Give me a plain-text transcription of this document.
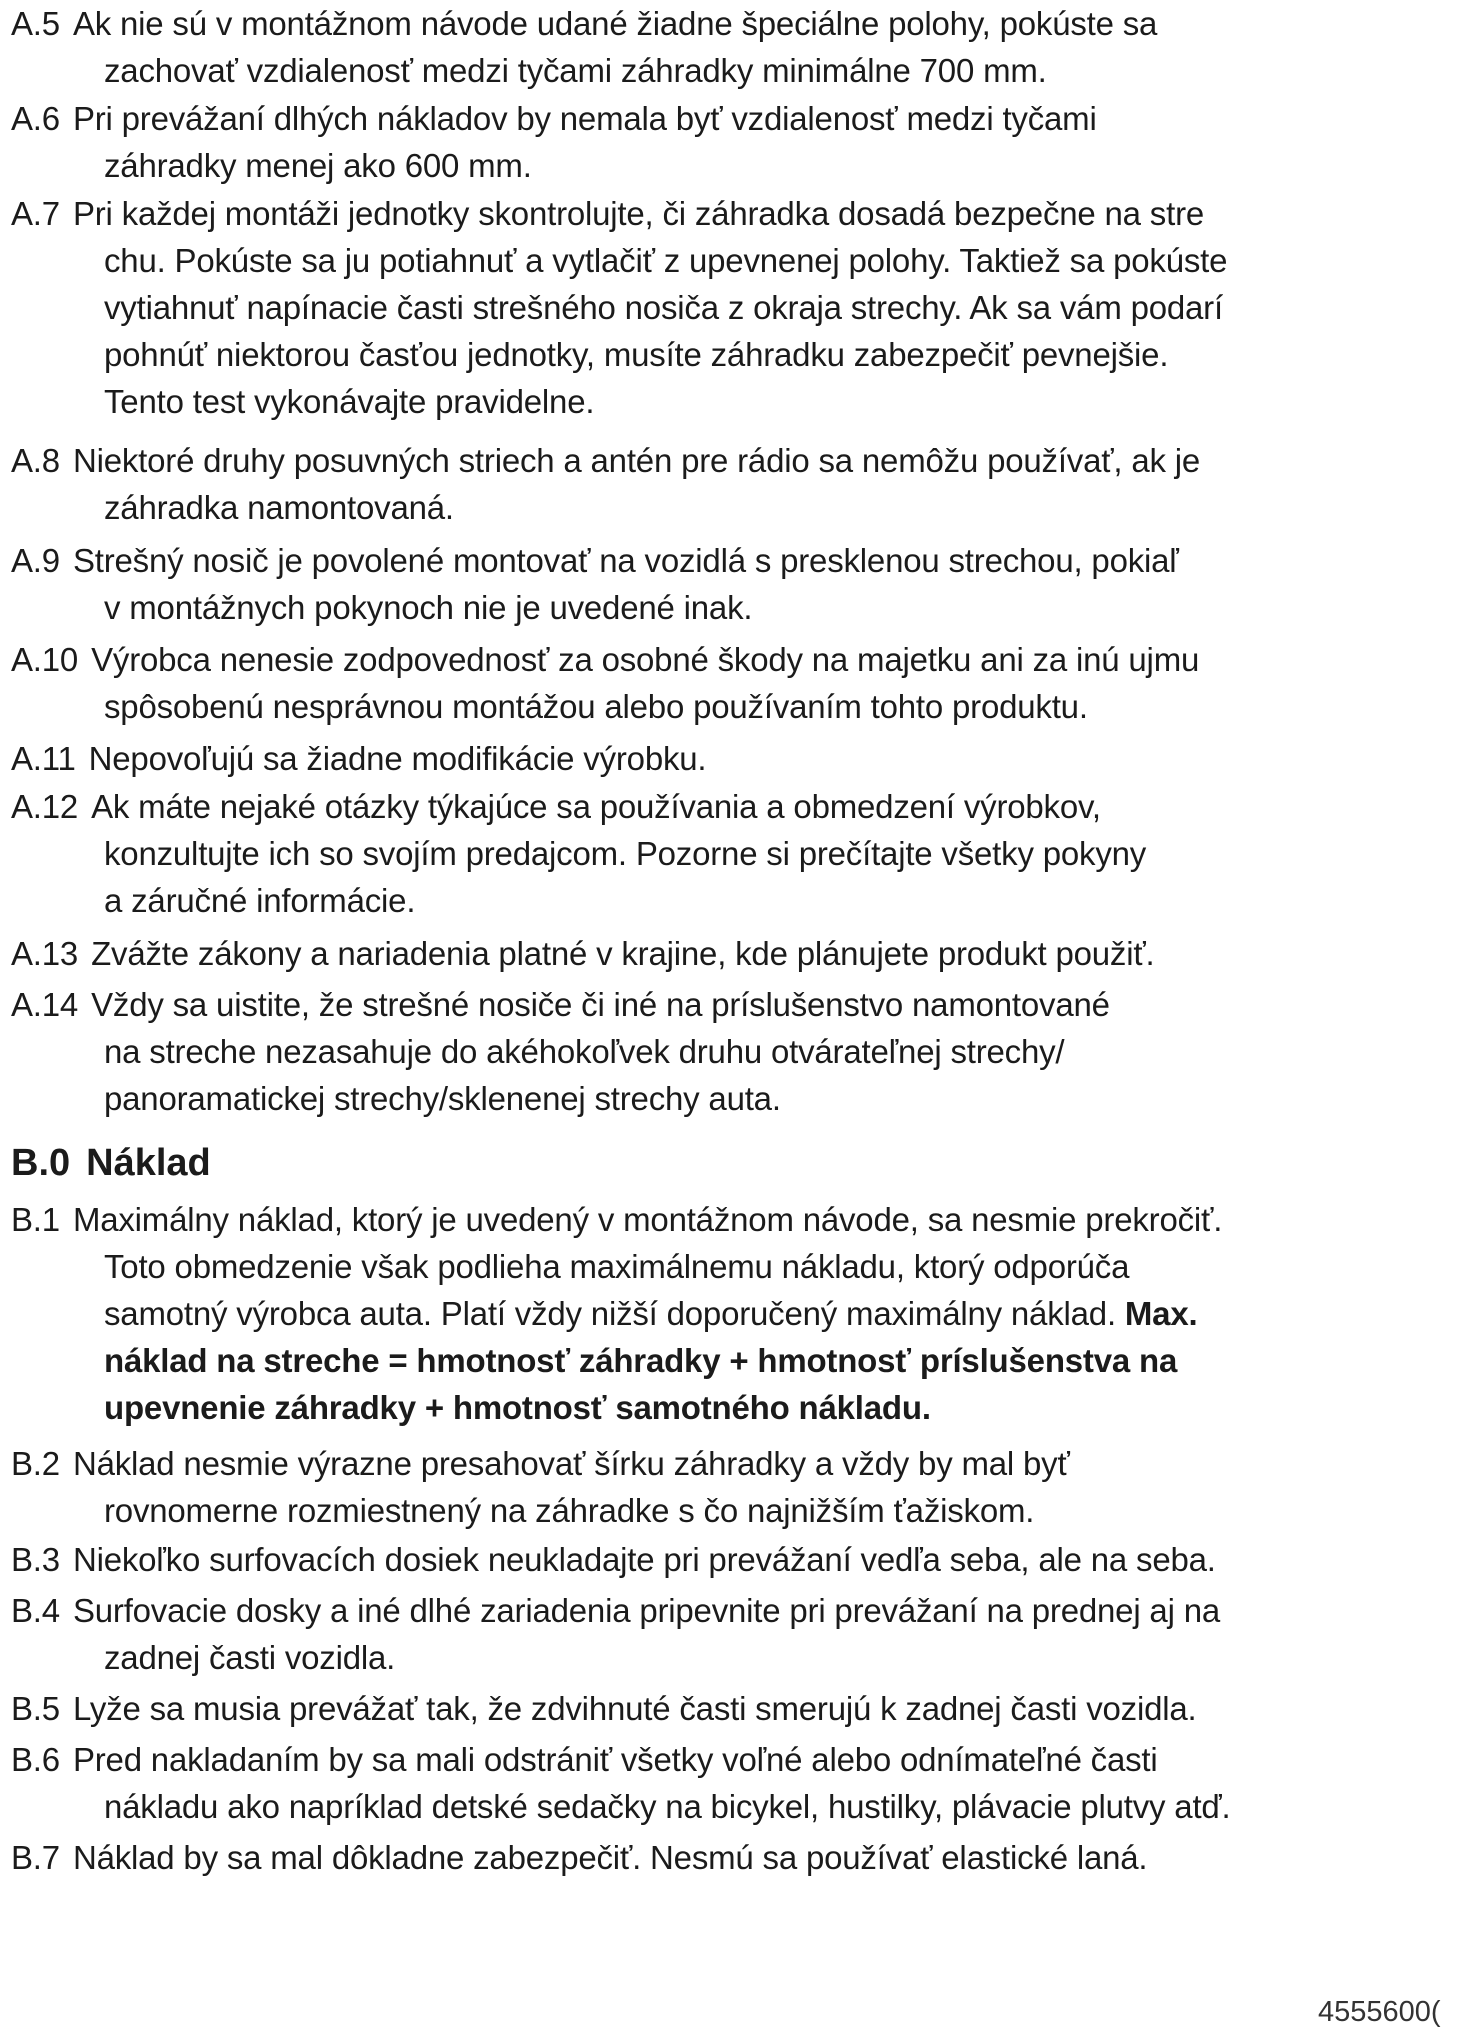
A.5 Ak nie sú v montážnom návode udané žiadne špeciálne polohy, pokúste sa
zachovať vzdialenosť medzi tyčami záhradky minimálne 700 mm.
A.6 Pri prevážaní dlhých nákladov by nemala byť vzdialenosť medzi tyčami
záhradky menej ako 600 mm.
A.7 Pri každej montáži jednotky skontrolujte, či záhradka dosadá bezpečne na stre
chu. Pokúste sa ju potiahnuť a vytlačiť z upevnenej polohy. Taktiež sa pokúste
vytiahnuť napínacie časti strešného nosiča z okraja strechy. Ak sa vám podarí
pohnúť niektorou časťou jednotky, musíte záhradku zabezpečiť pevnejšie.
Tento test vykonávajte pravidelne.
A.8 Niektoré druhy posuvných striech a antén pre rádio sa nemôžu používať, ak je
záhradka namontovaná.
A.9 Strešný nosič je povolené montovať na vozidlá s presklenou strechou, pokiaľ
v montážnych pokynoch nie je uvedené inak.
A.10 Výrobca nenesie zodpovednosť za osobné škody na majetku ani za inú ujmu
spôsobenú nesprávnou montážou alebo používaním tohto produktu.
A.11 Nepovoľujú sa žiadne modifikácie výrobku.
A.12 Ak máte nejaké otázky týkajúce sa používania a obmedzení výrobkov,
konzultujte ich so svojím predajcom. Pozorne si prečítajte všetky pokyny
a záručné informácie.
A.13 Zvážte zákony a nariadenia platné v krajine, kde plánujete produkt použiť.
A.14 Vždy sa uistite, že strešné nosiče či iné na príslušenstvo namontované
na streche nezasahuje do akéhokoľvek druhu otvárateľnej strechy/
panoramatickej strechy/sklenenej strechy auta.
B.0 Náklad
B.1 Maximálny náklad, ktorý je uvedený v montážnom návode, sa nesmie prekročiť.
Toto obmedzenie však podlieha maximálnemu nákladu, ktorý odporúča
samotný výrobca auta. Platí vždy nižší doporučený maximálny náklad. Max.
náklad na streche = hmotnosť záhradky + hmotnosť príslušenstva na
upevnenie záhradky + hmotnosť samotného nákladu.
B.2 Náklad nesmie výrazne presahovať šírku záhradky a vždy by mal byť
rovnomerne rozmiestnený na záhradke s čo najnižším ťažiskom.
B.3 Niekoľko surfovacích dosiek neukladajte pri prevážaní vedľa seba, ale na seba.
B.4 Surfovacie dosky a iné dlhé zariadenia pripevnite pri prevážaní na prednej aj na
zadnej časti vozidla.
B.5 Lyže sa musia prevážať tak, že zdvihnuté časti smerujú k zadnej časti vozidla.
B.6 Pred nakladaním by sa mali odstrániť všetky voľné alebo odnímateľné časti
nákladu ako napríklad detské sedačky na bicykel, hustilky, plávacie plutvy atď.
B.7 Náklad by sa mal dôkladne zabezpečiť. Nesmú sa používať elastické laná.
4555600(
